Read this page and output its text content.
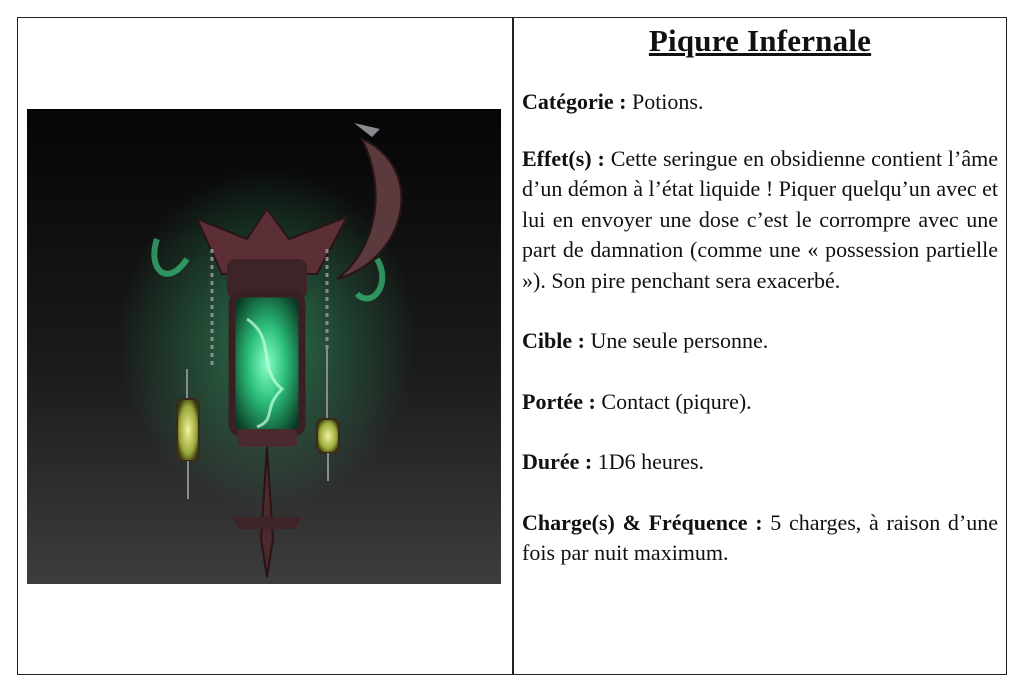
Piqure Infernale

Catégorie : Potions.

Effet(s) : Cette seringue en obsidienne contient l’âme d’un démon à l’état liquide ! Piquer quelqu’un avec et lui en envoyer une dose c’est le corrompre avec une part de damnation (comme une « possession partielle »). Son pire penchant sera exacerbé.

Cible : Une seule personne.

Portée : Contact (piqure).

Durée : 1D6 heures.

Charge(s) & Fréquence : 5 charges, à raison d’une fois par nuit maximum.
